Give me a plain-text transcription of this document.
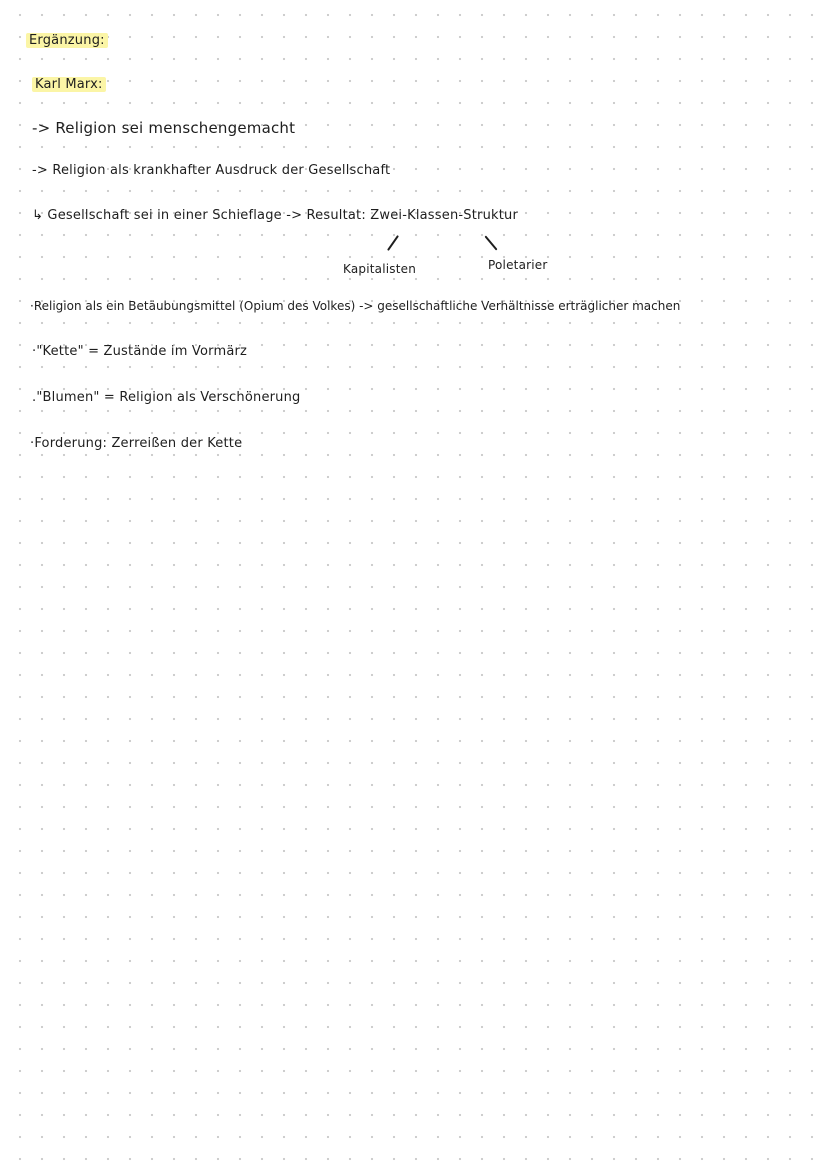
Ergänzung:
Karl Marx:
-> Religion sei menschengemacht
-> Religion als krankhafter Ausdruck der Gesellschaft
↳ Gesellschaft sei in einer Schieflage -> Resultat: Zwei-Klassen-Struktur
Kapitalisten	Poletarier
·Religion als ein Betäubungsmittel (Opium des Volkes) -> gesellschaftliche Verhältnisse erträglicher machen
·"Kette" = Zustände im Vormärz
."Blumen" = Religion als Verschönerung
·Forderung: Zerreißen der Kette
